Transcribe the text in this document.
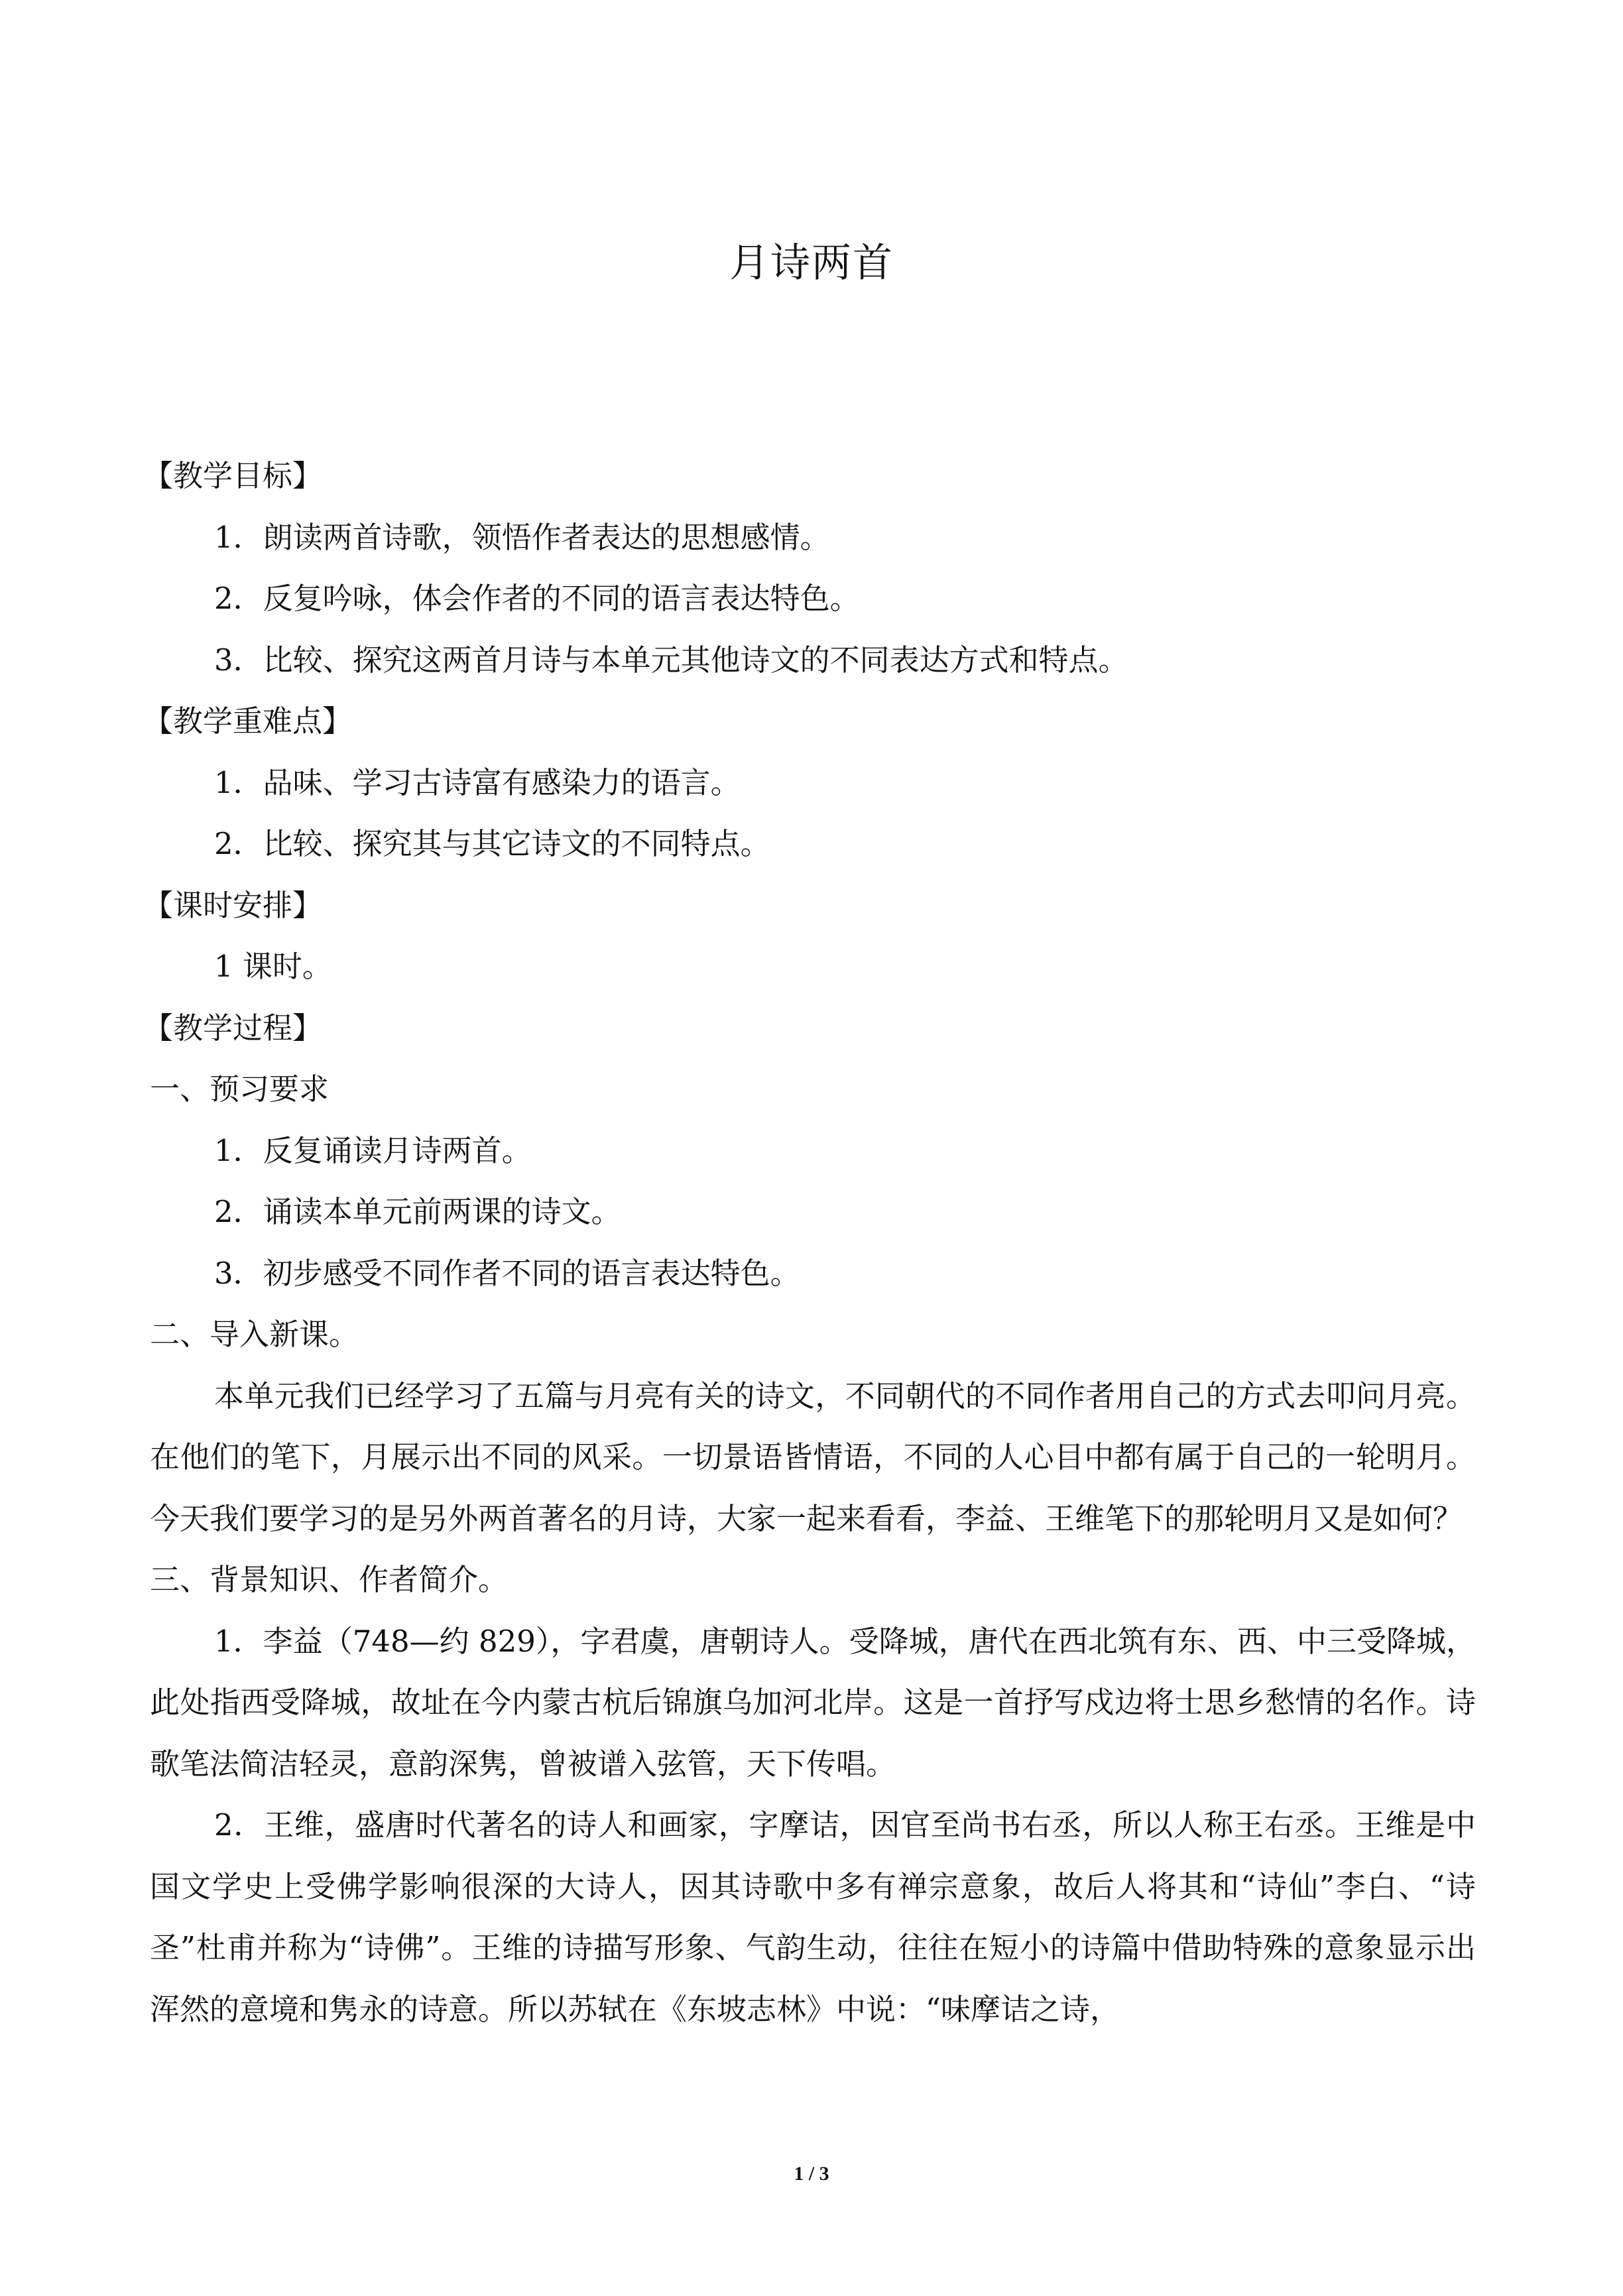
月诗两首

【教学目标】

1．朗读两首诗歌，领悟作者表达的思想感情。

2．反复吟咏，体会作者的不同的语言表达特色。

3．比较、探究这两首月诗与本单元其他诗文的不同表达方式和特点。

【教学重难点】

1．品味、学习古诗富有感染力的语言。

2．比较、探究其与其它诗文的不同特点。

【课时安排】

1 课时。

【教学过程】

一、预习要求

1．反复诵读月诗两首。

2．诵读本单元前两课的诗文。

3．初步感受不同作者不同的语言表达特色。

二、导入新课。

本单元我们已经学习了五篇与月亮有关的诗文，不同朝代的不同作者用自己的方式去叩问月亮。在他们的笔下，月展示出不同的风采。一切景语皆情语，不同的人心目中都有属于自己的一轮明月。今天我们要学习的是另外两首著名的月诗，大家一起来看看，李益、王维笔下的那轮明月又是如何？

三、背景知识、作者简介。

1．李益（748—约 829），字君虞，唐朝诗人。受降城，唐代在西北筑有东、西、中三受降城，此处指西受降城，故址在今内蒙古杭后锦旗乌加河北岸。这是一首抒写戍边将士思乡愁情的名作。诗歌笔法简洁轻灵，意韵深隽，曾被谱入弦管，天下传唱。

2．王维，盛唐时代著名的诗人和画家，字摩诘，因官至尚书右丞，所以人称王右丞。王维是中国文学史上受佛学影响很深的大诗人，因其诗歌中多有禅宗意象，故后人将其和“诗仙”李白、“诗圣”杜甫并称为“诗佛”。王维的诗描写形象、气韵生动，往往在短小的诗篇中借助特殊的意象显示出浑然的意境和隽永的诗意。所以苏轼在《东坡志林》中说：“味摩诘之诗，

1 / 3
